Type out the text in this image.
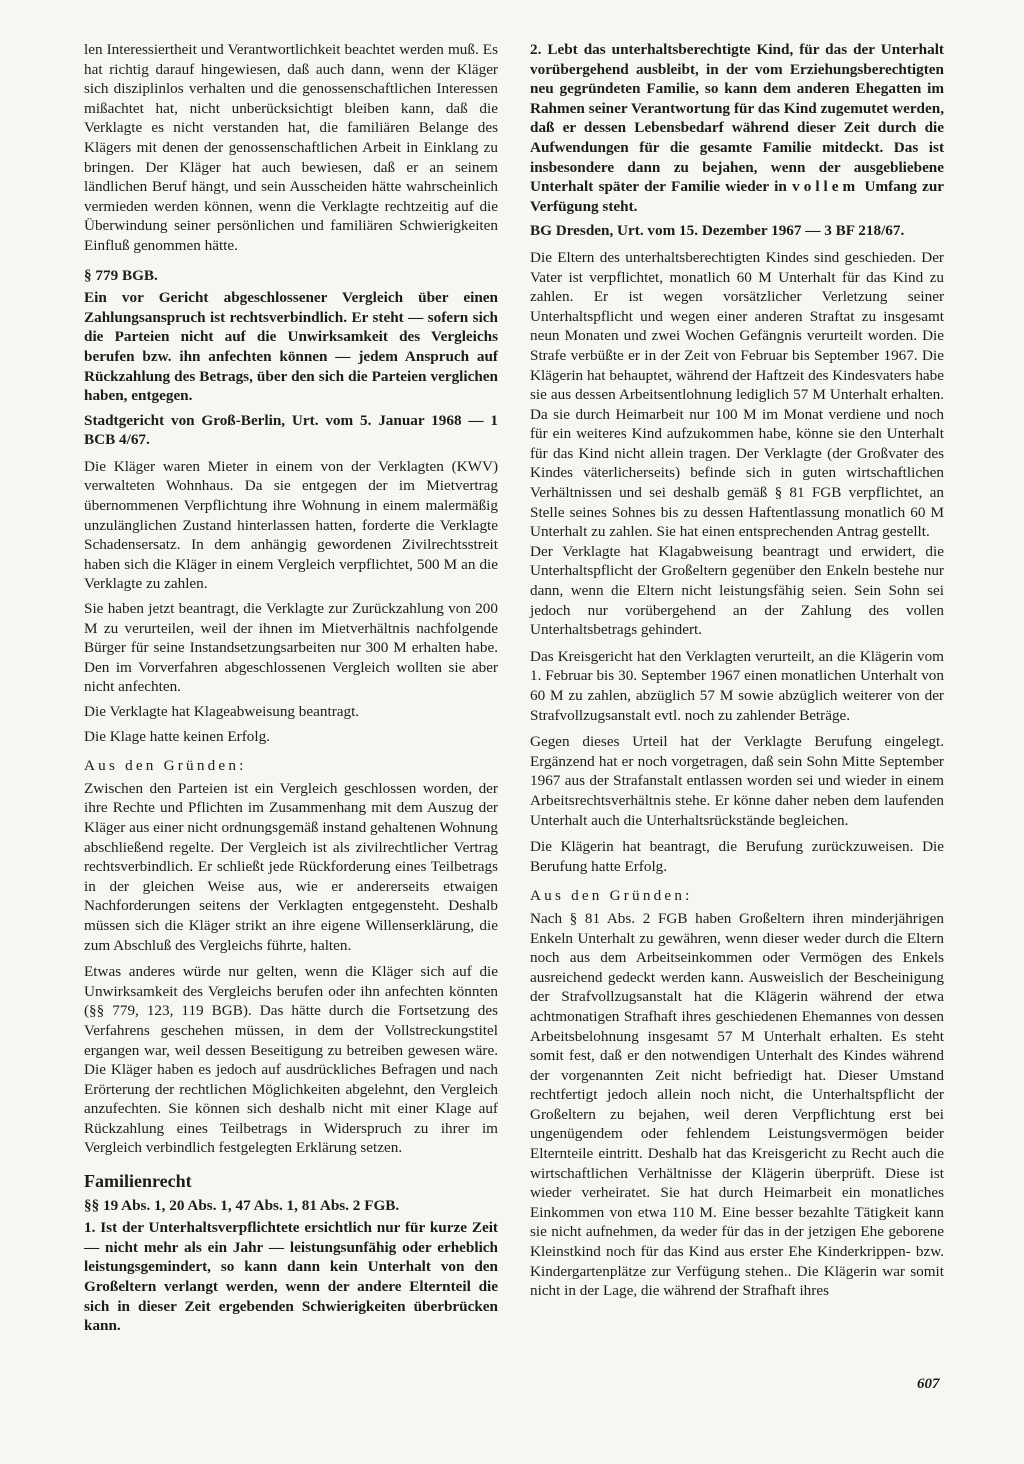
len Interessiertheit und Verantwortlichkeit beachtet werden muß. Es hat richtig darauf hingewiesen, daß auch dann, wenn der Kläger sich disziplinlos verhalten und die genossenschaftlichen Interessen mißachtet hat, nicht unberücksichtigt bleiben kann, daß die Verklagte es nicht verstanden hat, die familiären Belange des Klägers mit denen der genossenschaftlichen Arbeit in Einklang zu bringen. Der Kläger hat auch bewiesen, daß er an seinem ländlichen Beruf hängt, und sein Ausscheiden hätte wahrscheinlich vermieden werden können, wenn die Verklagte rechtzeitig auf die Überwindung seiner persönlichen und familiären Schwierigkeiten Einfluß genommen hätte.

§ 779 BGB.

Ein vor Gericht abgeschlossener Vergleich über einen Zahlungsanspruch ist rechtsverbindlich. Er steht — sofern sich die Parteien nicht auf die Unwirksamkeit des Vergleichs berufen bzw. ihn anfechten können — jedem Anspruch auf Rückzahlung des Betrags, über den sich die Parteien verglichen haben, entgegen.

Stadtgericht von Groß-Berlin, Urt. vom 5. Januar 1968 — 1 BCB 4/67.

Die Kläger waren Mieter in einem von der Verklagten (KWV) verwalteten Wohnhaus. Da sie entgegen der im Mietvertrag übernommenen Verpflichtung ihre Wohnung in einem malermäßig unzulänglichen Zustand hinterlassen hatten, forderte die Verklagte Schadensersatz. In dem anhängig gewordenen Zivilrechtsstreit haben sich die Kläger in einem Vergleich verpflichtet, 500 M an die Verklagte zu zahlen.

Sie haben jetzt beantragt, die Verklagte zur Zurückzahlung von 200 M zu verurteilen, weil der ihnen im Mietverhältnis nachfolgende Bürger für seine Instandsetzungsarbeiten nur 300 M erhalten habe. Den im Vorverfahren abgeschlossenen Vergleich wollten sie aber nicht anfechten.

Die Verklagte hat Klageabweisung beantragt.

Die Klage hatte keinen Erfolg.

Aus den Gründen:

Zwischen den Parteien ist ein Vergleich geschlossen worden, der ihre Rechte und Pflichten im Zusammenhang mit dem Auszug der Kläger aus einer nicht ordnungsgemäß instand gehaltenen Wohnung abschließend regelte. Der Vergleich ist als zivilrechtlicher Vertrag rechtsverbindlich. Er schließt jede Rückforderung eines Teilbetrags in der gleichen Weise aus, wie er andererseits etwaigen Nachforderungen seitens der Verklagten entgegensteht. Deshalb müssen sich die Kläger strikt an ihre eigene Willenserklärung, die zum Abschluß des Vergleichs führte, halten.

Etwas anderes würde nur gelten, wenn die Kläger sich auf die Unwirksamkeit des Vergleichs berufen oder ihn anfechten könnten (§§ 779, 123, 119 BGB). Das hätte durch die Fortsetzung des Verfahrens geschehen müssen, in dem der Vollstreckungstitel ergangen war, weil dessen Beseitigung zu betreiben gewesen wäre. Die Kläger haben es jedoch auf ausdrückliches Befragen und nach Erörterung der rechtlichen Möglichkeiten abgelehnt, den Vergleich anzufechten. Sie können sich deshalb nicht mit einer Klage auf Rückzahlung eines Teilbetrags in Widerspruch zu ihrer im Vergleich verbindlich festgelegten Erklärung setzen.

Familienrecht

§§ 19 Abs. 1, 20 Abs. 1, 47 Abs. 1, 81 Abs. 2 FGB.

1. Ist der Unterhaltsverpflichtete ersichtlich nur für kurze Zeit — nicht mehr als ein Jahr — leistungsunfähig oder erheblich leistungsgemindert, so kann dann kein Unterhalt von den Großeltern verlangt werden, wenn der andere Elternteil die sich in dieser Zeit ergebenden Schwierigkeiten überbrücken kann.

2. Lebt das unterhaltsberechtigte Kind, für das der Unterhalt vorübergehend ausbleibt, in der vom Erziehungsberechtigten neu gegründeten Familie, so kann dem anderen Ehegatten im Rahmen seiner Verantwortung für das Kind zugemutet werden, daß er dessen Lebensbedarf während dieser Zeit durch die Aufwendungen für die gesamte Familie mitdeckt. Das ist insbesondere dann zu bejahen, wenn der ausgebliebene Unterhalt später der Familie wieder in vollem Umfang zur Verfügung steht.

BG Dresden, Urt. vom 15. Dezember 1967 — 3 BF 218/67.

Die Eltern des unterhaltsberechtigten Kindes sind geschieden. Der Vater ist verpflichtet, monatlich 60 M Unterhalt für das Kind zu zahlen. Er ist wegen vorsätzlicher Verletzung seiner Unterhaltspflicht und wegen einer anderen Straftat zu insgesamt neun Monaten und zwei Wochen Gefängnis verurteilt worden. Die Strafe verbüßte er in der Zeit von Februar bis September 1967. Die Klägerin hat behauptet, während der Haftzeit des Kindesvaters habe sie aus dessen Arbeitsentlohnung lediglich 57 M Unterhalt erhalten. Da sie durch Heimarbeit nur 100 M im Monat verdiene und noch für ein weiteres Kind aufzukommen habe, könne sie den Unterhalt für das Kind nicht allein tragen. Der Verklagte (der Großvater des Kindes väterlicherseits) befinde sich in guten wirtschaftlichen Verhältnissen und sei deshalb gemäß § 81 FGB verpflichtet, an Stelle seines Sohnes bis zu dessen Haftentlassung monatlich 60 M Unterhalt zu zahlen. Sie hat einen entsprechenden Antrag gestellt.

Der Verklagte hat Klagabweisung beantragt und erwidert, die Unterhaltspflicht der Großeltern gegenüber den Enkeln bestehe nur dann, wenn die Eltern nicht leistungsfähig seien. Sein Sohn sei jedoch nur vorübergehend an der Zahlung des vollen Unterhaltsbetrags gehindert.

Das Kreisgericht hat den Verklagten verurteilt, an die Klägerin vom 1. Februar bis 30. September 1967 einen monatlichen Unterhalt von 60 M zu zahlen, abzüglich 57 M sowie abzüglich weiterer von der Strafvollzugsanstalt evtl. noch zu zahlender Beträge.

Gegen dieses Urteil hat der Verklagte Berufung eingelegt. Ergänzend hat er noch vorgetragen, daß sein Sohn Mitte September 1967 aus der Strafanstalt entlassen worden sei und wieder in einem Arbeitsrechtsverhältnis stehe. Er könne daher neben dem laufenden Unterhalt auch die Unterhaltsrückstände begleichen.

Die Klägerin hat beantragt, die Berufung zurückzuweisen. Die Berufung hatte Erfolg.

Aus den Gründen:

Nach § 81 Abs. 2 FGB haben Großeltern ihren minderjährigen Enkeln Unterhalt zu gewähren, wenn dieser weder durch die Eltern noch aus dem Arbeitseinkommen oder Vermögen des Enkels ausreichend gedeckt werden kann. Ausweislich der Bescheinigung der Strafvollzugsanstalt hat die Klägerin während der etwa achtmonatigen Strafhaft ihres geschiedenen Ehemannes von dessen Arbeitsbelohnung insgesamt 57 M Unterhalt erhalten. Es steht somit fest, daß er den notwendigen Unterhalt des Kindes während der vorgenannten Zeit nicht befriedigt hat. Dieser Umstand rechtfertigt jedoch allein noch nicht, die Unterhaltspflicht der Großeltern zu bejahen, weil deren Verpflichtung erst bei ungenügendem oder fehlendem Leistungsvermögen beider Elternteile eintritt. Deshalb hat das Kreisgericht zu Recht auch die wirtschaftlichen Verhältnisse der Klägerin überprüft. Diese ist wieder verheiratet. Sie hat durch Heimarbeit ein monatliches Einkommen von etwa 110 M. Eine besser bezahlte Tätigkeit kann sie nicht aufnehmen, da weder für das in der jetzigen Ehe geborene Kleinstkind noch für das Kind aus erster Ehe Kinderkrippen- bzw. Kindergartenplätze zur Verfügung stehen.. Die Klägerin war somit nicht in der Lage, die während der Strafhaft ihres

607
